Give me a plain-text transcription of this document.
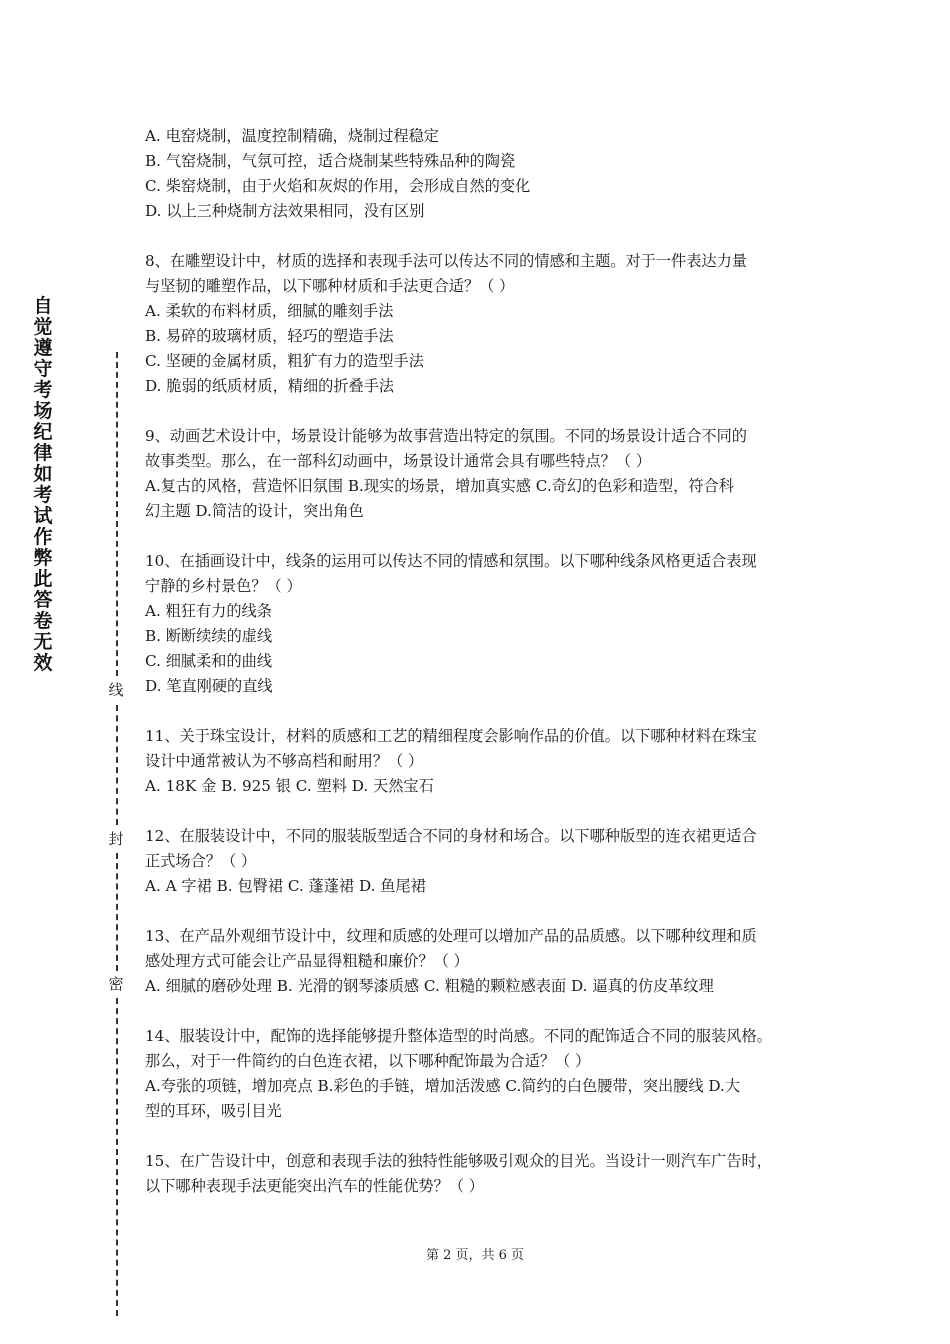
自觉遵守考场纪律如考试作弊此答卷无效
线
封
密
A. 电窑烧制，温度控制精确，烧制过程稳定
B. 气窑烧制，气氛可控，适合烧制某些特殊品种的陶瓷
C. 柴窑烧制，由于火焰和灰烬的作用，会形成自然的变化
D. 以上三种烧制方法效果相同，没有区别
8、在雕塑设计中，材质的选择和表现手法可以传达不同的情感和主题。对于一件表达力量
与坚韧的雕塑作品，以下哪种材质和手法更合适？（ ）
A. 柔软的布料材质，细腻的雕刻手法
B. 易碎的玻璃材质，轻巧的塑造手法
C. 坚硬的金属材质，粗犷有力的造型手法
D. 脆弱的纸质材质，精细的折叠手法
9、动画艺术设计中，场景设计能够为故事营造出特定的氛围。不同的场景设计适合不同的
故事类型。那么，在一部科幻动画中，场景设计通常会具有哪些特点？（ ）
A.复古的风格，营造怀旧氛围 B.现实的场景，增加真实感 C.奇幻的色彩和造型，符合科
幻主题 D.简洁的设计，突出角色
10、在插画设计中，线条的运用可以传达不同的情感和氛围。以下哪种线条风格更适合表现
宁静的乡村景色？（ ）
A. 粗狂有力的线条
B. 断断续续的虚线
C. 细腻柔和的曲线
D. 笔直刚硬的直线
11、关于珠宝设计，材料的质感和工艺的精细程度会影响作品的价值。以下哪种材料在珠宝
设计中通常被认为不够高档和耐用？（ ）
A. 18K 金 B. 925 银 C. 塑料 D. 天然宝石
12、在服装设计中，不同的服装版型适合不同的身材和场合。以下哪种版型的连衣裙更适合
正式场合？（ ）
A. A 字裙 B. 包臀裙 C. 蓬蓬裙 D. 鱼尾裙
13、在产品外观细节设计中，纹理和质感的处理可以增加产品的品质感。以下哪种纹理和质
感处理方式可能会让产品显得粗糙和廉价？（ ）
A. 细腻的磨砂处理 B. 光滑的钢琴漆质感 C. 粗糙的颗粒感表面 D. 逼真的仿皮革纹理
14、服装设计中，配饰的选择能够提升整体造型的时尚感。不同的配饰适合不同的服装风格。
那么，对于一件简约的白色连衣裙，以下哪种配饰最为合适？（ ）
A.夸张的项链，增加亮点 B.彩色的手链，增加活泼感 C.简约的白色腰带，突出腰线 D.大
型的耳环，吸引目光
15、在广告设计中，创意和表现手法的独特性能够吸引观众的目光。当设计一则汽车广告时，
以下哪种表现手法更能突出汽车的性能优势？（ ）
第 2 页，共 6 页
